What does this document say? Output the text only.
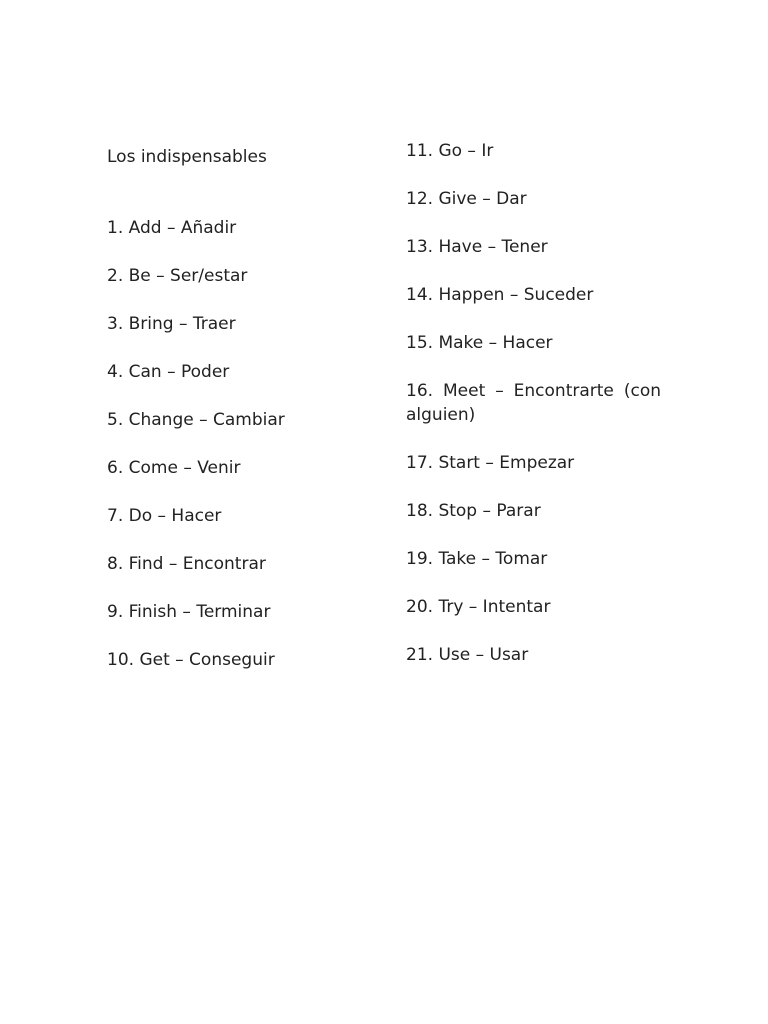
Los indispensables

1. Add – Añadir
2. Be – Ser/estar
3. Bring – Traer
4. Can – Poder
5. Change – Cambiar
6. Come – Venir
7. Do – Hacer
8. Find – Encontrar
9. Finish – Terminar
10. Get – Conseguir
11. Go – Ir
12. Give – Dar
13. Have – Tener
14. Happen – Suceder
15. Make – Hacer
16. Meet – Encontrarte (con alguien)
17. Start – Empezar
18. Stop – Parar
19. Take – Tomar
20. Try – Intentar
21. Use – Usar
